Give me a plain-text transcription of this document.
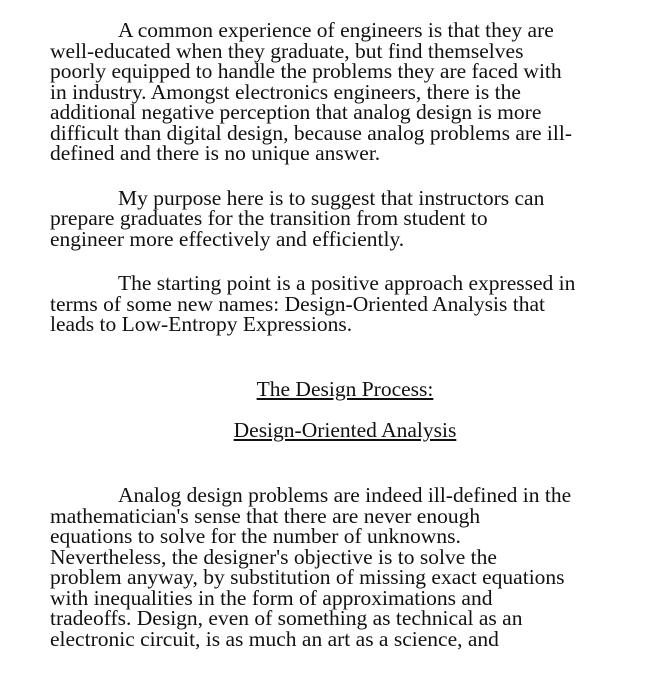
A common experience of engineers is that they are
well-educated when they graduate, but find themselves
poorly equipped to handle the problems they are faced with
in industry. Amongst electronics engineers, there is the
additional negative perception that analog design is more
difficult than digital design, because analog problems are ill-
defined and there is no unique answer.

My purpose here is to suggest that instructors can
prepare graduates for the transition from student to
engineer more effectively and efficiently.

The starting point is a positive approach expressed in
terms of some new names: Design-Oriented Analysis that
leads to Low-Entropy Expressions.

The Design Process:

Design-Oriented Analysis

Analog design problems are indeed ill-defined in the
mathematician's sense that there are never enough
equations to solve for the number of unknowns.
Nevertheless, the designer's objective is to solve the
problem anyway, by substitution of missing exact equations
with inequalities in the form of approximations and
tradeoffs. Design, even of something as technical as an
electronic circuit, is as much an art as a science, and
